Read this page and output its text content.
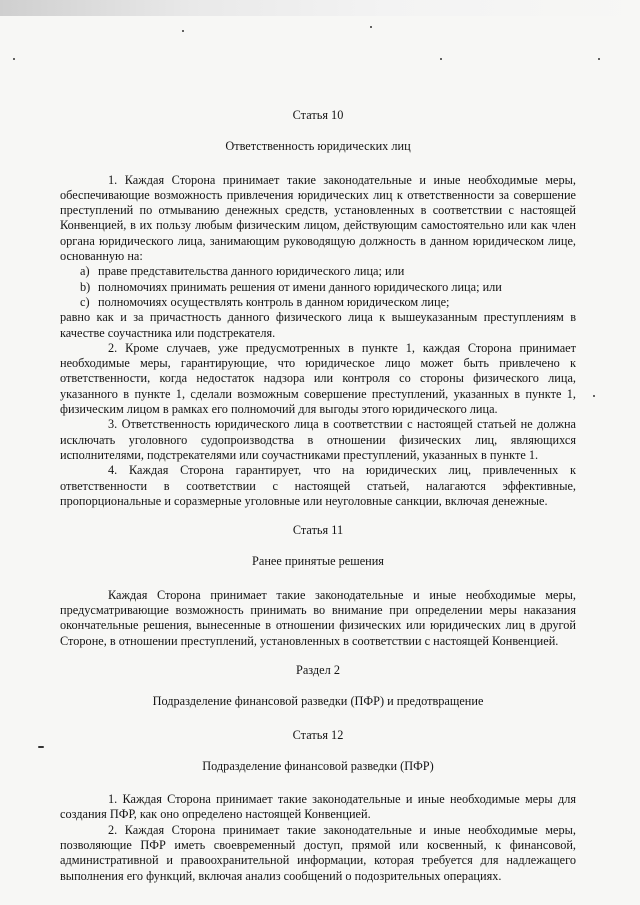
Статья 10
Ответственность юридических лиц

1. Каждая Сторона принимает такие законодательные и иные необходимые меры, обеспечивающие возможность привлечения юридических лиц к ответственности за совершение преступлений по отмыванию денежных средств, установленных в соответствии с настоящей Конвенцией, в их пользу любым физическим лицом, действующим самостоятельно или как член органа юридического лица, занимающим руководящую должность в данном юридическом лице, основанную на:

a) праве представительства данного юридического лица; или
b) полномочиях принимать решения от имени данного юридического лица; или
c) полномочиях осуществлять контроль в данном юридическом лице;

равно как и за причастность данного физического лица к вышеуказанным преступлениям в качестве соучастника или подстрекателя.

2. Кроме случаев, уже предусмотренных в пункте 1, каждая Сторона принимает необходимые меры, гарантирующие, что юридическое лицо может быть привлечено к ответственности, когда недостаток надзора или контроля со стороны физического лица, указанного в пункте 1, сделали возможным совершение преступлений, указанных в пункте 1, физическим лицом в рамках его полномочий для выгоды этого юридического лица.

3. Ответственность юридического лица в соответствии с настоящей статьей не должна исключать уголовного судопроизводства в отношении физических лиц, являющихся исполнителями, подстрекателями или соучастниками преступлений, указанных в пункте 1.

4. Каждая Сторона гарантирует, что на юридических лиц, привлеченных к ответственности в соответствии с настоящей статьей, налагаются эффективные, пропорциональные и соразмерные уголовные или неуголовные санкции, включая денежные.

Статья 11
Ранее принятые решения

Каждая Сторона принимает такие законодательные и иные необходимые меры, предусматривающие возможность принимать во внимание при определении меры наказания окончательные решения, вынесенные в отношении физических или юридических лиц в другой Стороне, в отношении преступлений, установленных в соответствии с настоящей Конвенцией.

Раздел 2
Подразделение финансовой разведки (ПФР) и предотвращение
Статья 12
Подразделение финансовой разведки (ПФР)

1. Каждая Сторона принимает такие законодательные и иные необходимые меры для создания ПФР, как оно определено настоящей Конвенцией.

2. Каждая Сторона принимает такие законодательные и иные необходимые меры, позволяющие ПФР иметь своевременный доступ, прямой или косвенный, к финансовой, административной и правоохранительной информации, которая требуется для надлежащего выполнения его функций, включая анализ сообщений о подозрительных операциях.
